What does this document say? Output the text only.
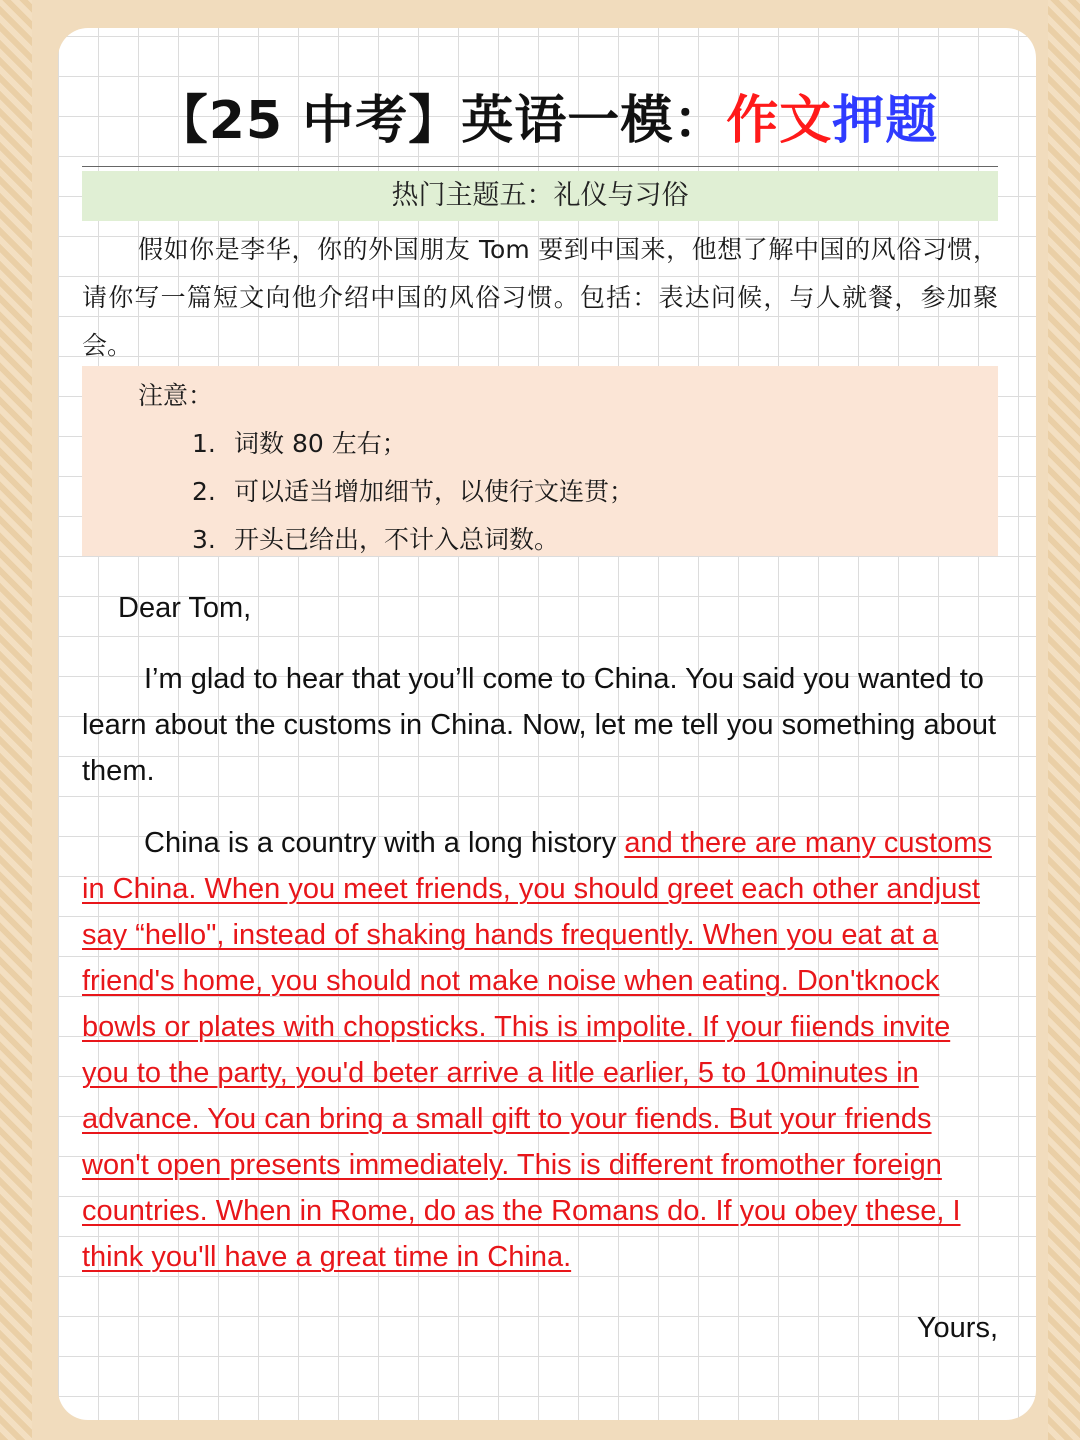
【25 中考】英语一模：作文押题
热门主题五：礼仪与习俗

假如你是李华，你的外国朋友 Tom 要到中国来，他想了解中国的风俗习惯，请你写一篇短文向他介绍中国的风俗习惯。包括：表达问候，与人就餐，参加聚会。

注意：
1. 词数 80 左右；
2. 可以适当增加细节，以使行文连贯；
3. 开头已给出，不计入总词数。
Dear Tom,

I’m glad to hear that you’ll come to China. You said you wanted to learn about the customs in China. Now, let me tell you something about them.

China is a country with a long history and there are many customs in China. When you meet friends, you should greet each other andjust say “hello", instead of shaking hands frequently. When you eat at a friend's home, you should not make noise when eating. Don'tknock bowls or plates with chopsticks. This is impolite. If your fiiends invite you to the party, you'd beter arrive a litle earlier, 5 to 10minutes in advance. You can bring a small gift to your fiends. But your friends won't open presents immediately. This is different fromother foreign countries. When in Rome, do as the Romans do. If you obey these, I think you'll have a great time in China.

Yours,
